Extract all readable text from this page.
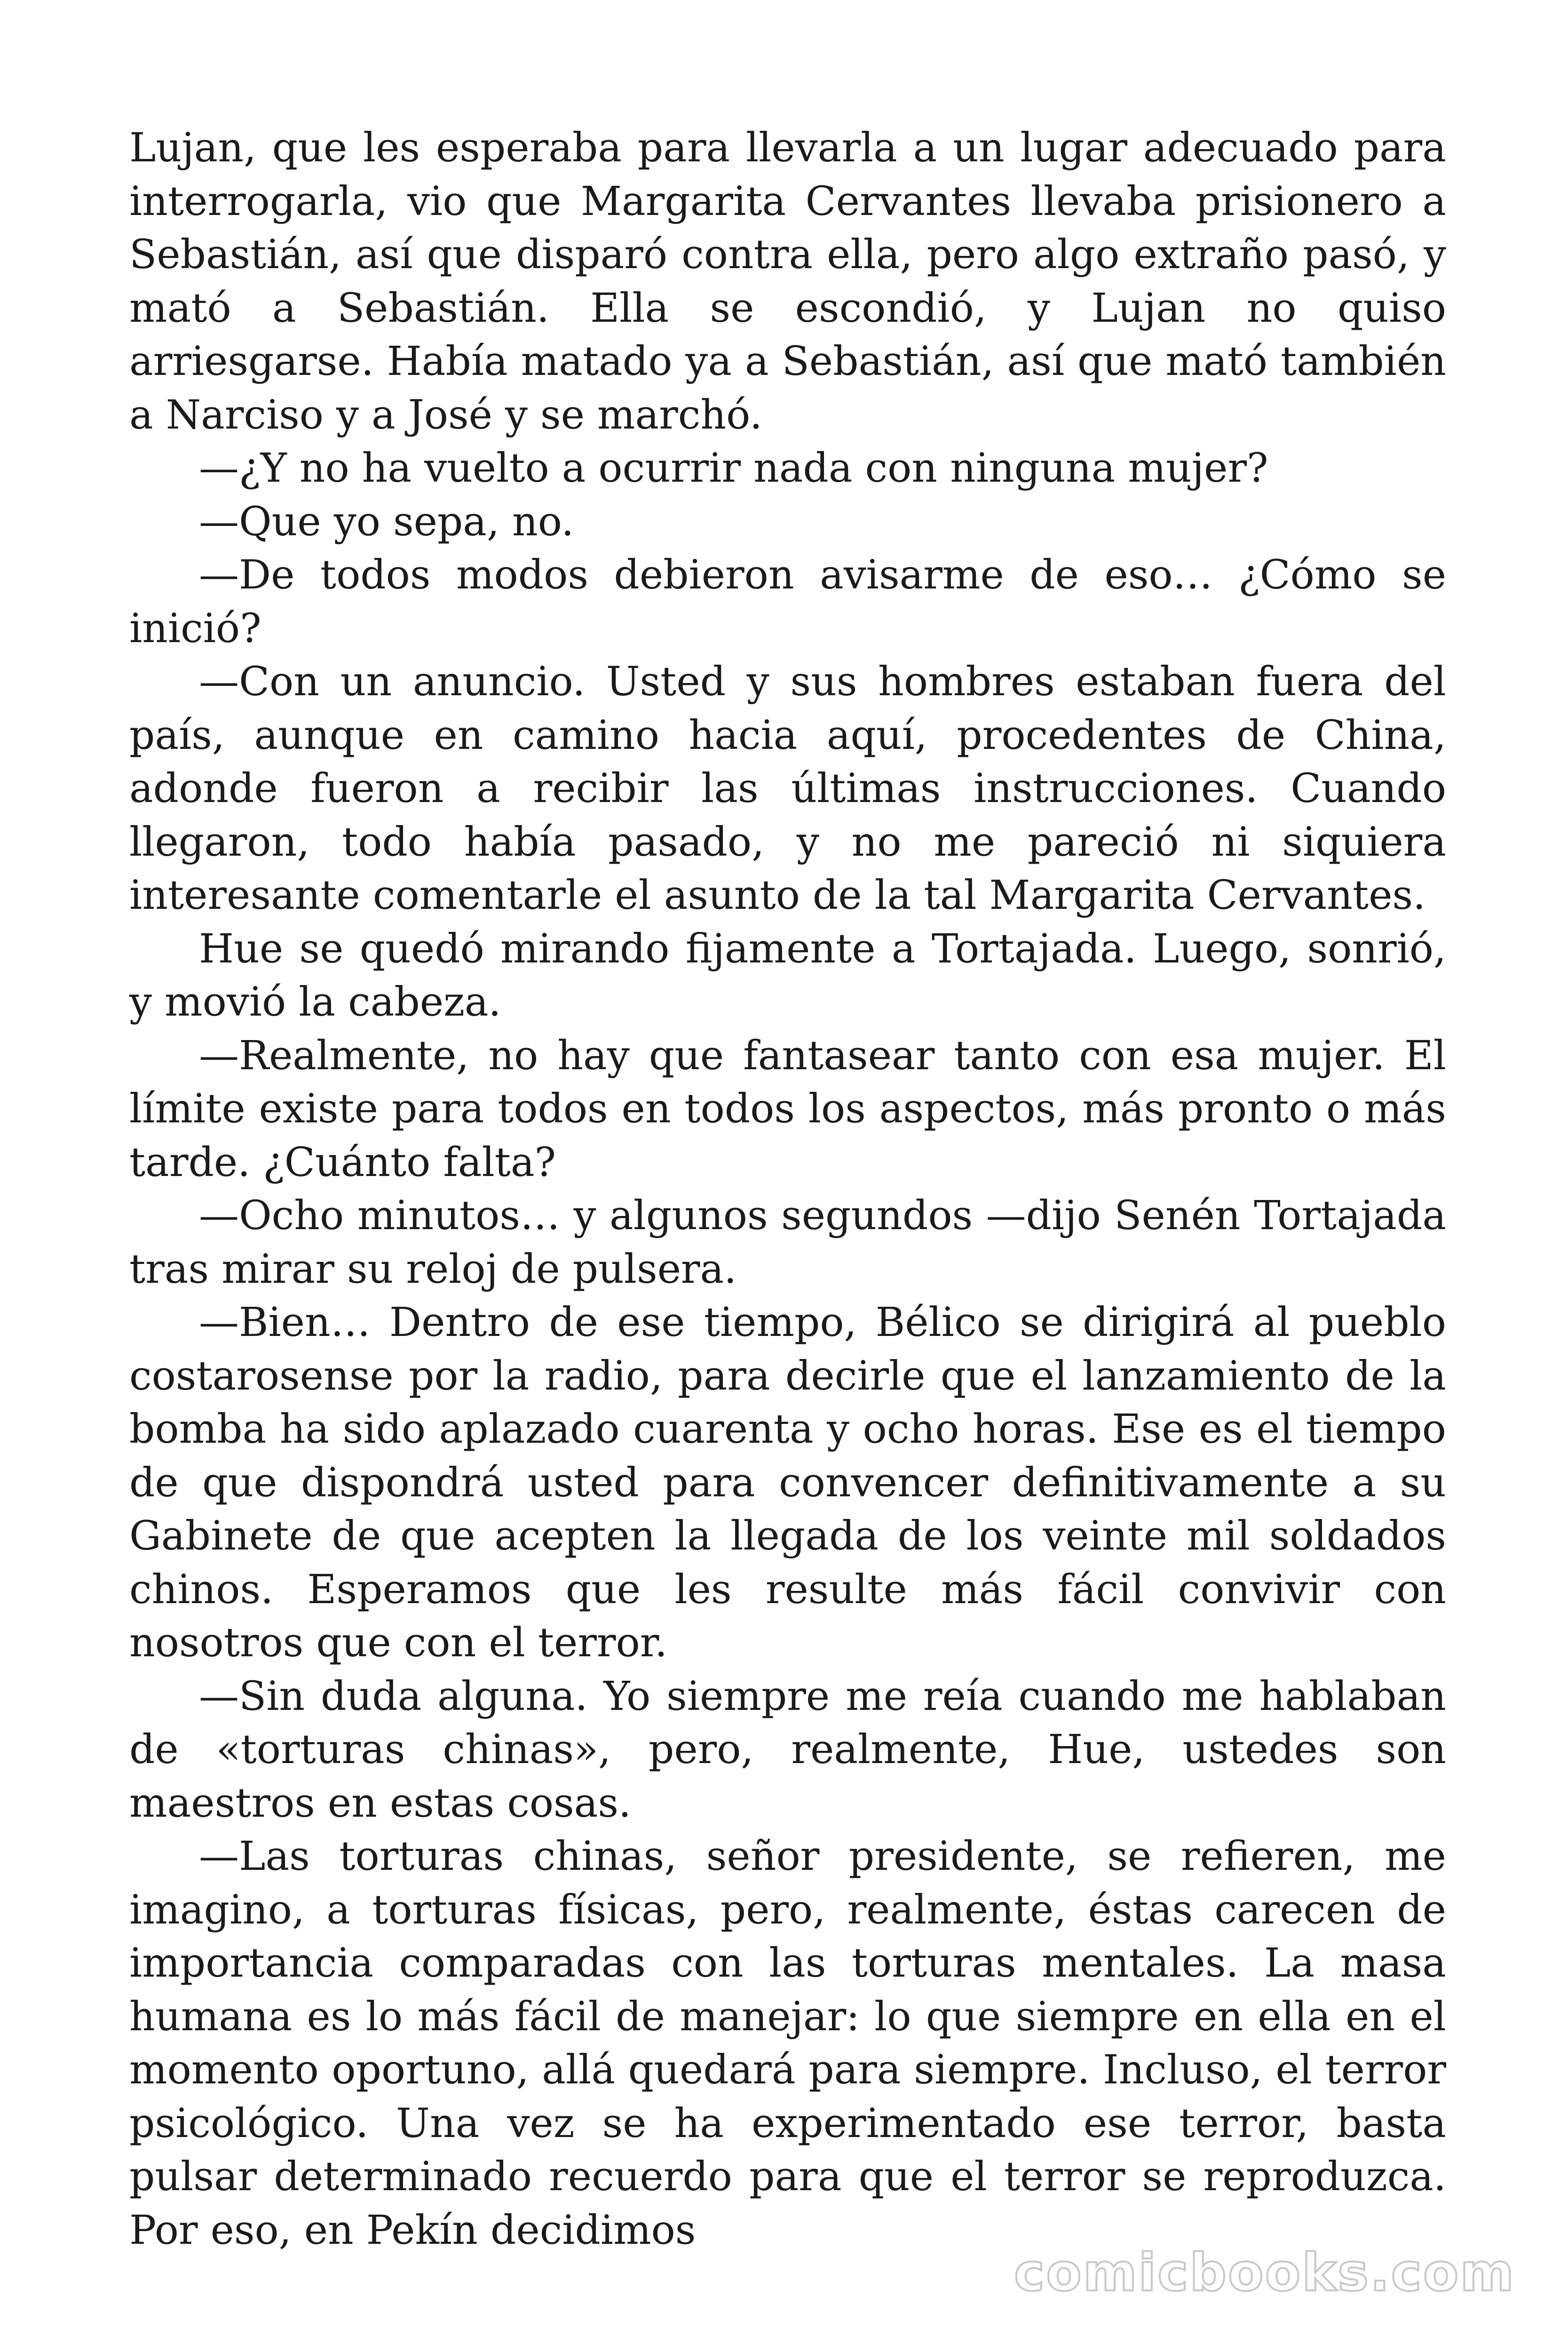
Lujan, que les esperaba para llevarla a un lugar adecuado para interrogarla, vio que Margarita Cervantes llevaba prisionero a Sebastián, así que disparó contra ella, pero algo extraño pasó, y mató a Sebastián. Ella se escondió, y Lujan no quiso arriesgarse. Había matado ya a Sebastián, así que mató también a Narciso y a José y se marchó.

—¿Y no ha vuelto a ocurrir nada con ninguna mujer?

—Que yo sepa, no.

—De todos modos debieron avisarme de eso… ¿Cómo se inició?

—Con un anuncio. Usted y sus hombres estaban fuera del país, aunque en camino hacia aquí, procedentes de China, adonde fueron a recibir las últimas instrucciones. Cuando llegaron, todo había pasado, y no me pareció ni siquiera interesante comentarle el asunto de la tal Margarita Cervantes.

Hue se quedó mirando fijamente a Tortajada. Luego, sonrió, y movió la cabeza.

—Realmente, no hay que fantasear tanto con esa mujer. El límite existe para todos en todos los aspectos, más pronto o más tarde. ¿Cuánto falta?

—Ocho minutos… y algunos segundos —dijo Senén Tortajada tras mirar su reloj de pulsera.

—Bien… Dentro de ese tiempo, Bélico se dirigirá al pueblo costarosense por la radio, para decirle que el lanzamiento de la bomba ha sido aplazado cuarenta y ocho horas. Ese es el tiempo de que dispondrá usted para convencer definitivamente a su Gabinete de que acepten la llegada de los veinte mil soldados chinos. Esperamos que les resulte más fácil convivir con nosotros que con el terror.

—Sin duda alguna. Yo siempre me reía cuando me hablaban de «torturas chinas», pero, realmente, Hue, ustedes son maestros en estas cosas.

—Las torturas chinas, señor presidente, se refieren, me imagino, a torturas físicas, pero, realmente, éstas carecen de importancia comparadas con las torturas mentales. La masa humana es lo más fácil de manejar: lo que siempre en ella en el momento oportuno, allá quedará para siempre. Incluso, el terror psicológico. Una vez se ha experimentado ese terror, basta pulsar determinado recuerdo para que el terror se reproduzca. Por eso, en Pekín decidimos

comicbooks.com
